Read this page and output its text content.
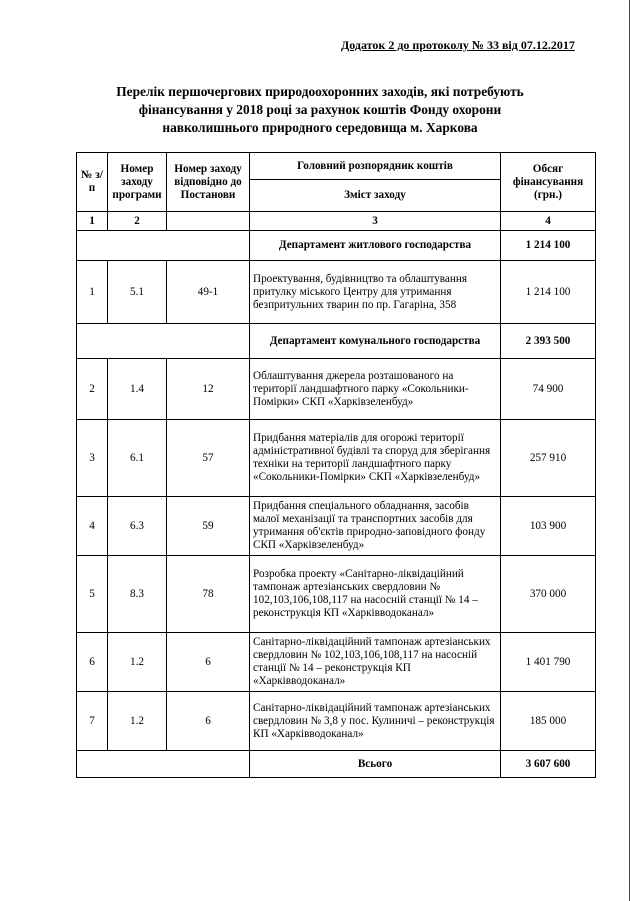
Додаток 2 до протоколу № 33 від 07.12.2017
Перелік першочергових природоохоронних заходів, які потребують
фінансування у 2018 році за рахунок коштів Фонду охорони
навколишнього природного середовища м. Харкова
№ з/п	Номер заходу програми	Номер заходу відповідно до Постанови	Головний розпорядник коштів	Обсяг фінансування (грн.)
			Зміст заходу	
1	2		3	4
			Департамент житлового господарства	1 214 100
1	5.1	49-1	Проектування, будівництво та облаштування притулку міського Центру для утримання безпритульних тварин по пр. Гагаріна, 358	1 214 100
			Департамент комунального господарства	2 393 500
2	1.4	12	Облаштування джерела розташованого на території ландшафтного парку «Сокольники-Помірки» СКП «Харківзеленбуд»	74 900
3	6.1	57	Придбання матеріалів для огорожі території адміністративної будівлі та споруд для зберігання техніки на території ландшафтного парку «Сокольники-Помірки» СКП «Харківзеленбуд»	257 910
4	6.3	59	Придбання спеціального обладнання, засобів малої механізації та транспортних засобів для утримання об'єктів природно-заповідного фонду СКП «Харківзеленбуд»	103 900
5	8.3	78	Розробка проекту «Санітарно-ліквідаційний тампонаж артезіанських свердловин № 102,103,106,108,117 на насосній станції № 14 – реконструкція КП «Харківводоканал»	370 000
6	1.2	6	Санітарно-ліквідаційний тампонаж артезіанських свердловин № 102,103,106,108,117 на насосній станції № 14 – реконструкція КП «Харківводоканал»	1 401 790
7	1.2	6	Санітарно-ліквідаційний тампонаж артезіанських свердловин № 3,8 у пос. Кулиничі – реконструкція КП «Харківводоканал»	185 000
			Всього	3 607 600
